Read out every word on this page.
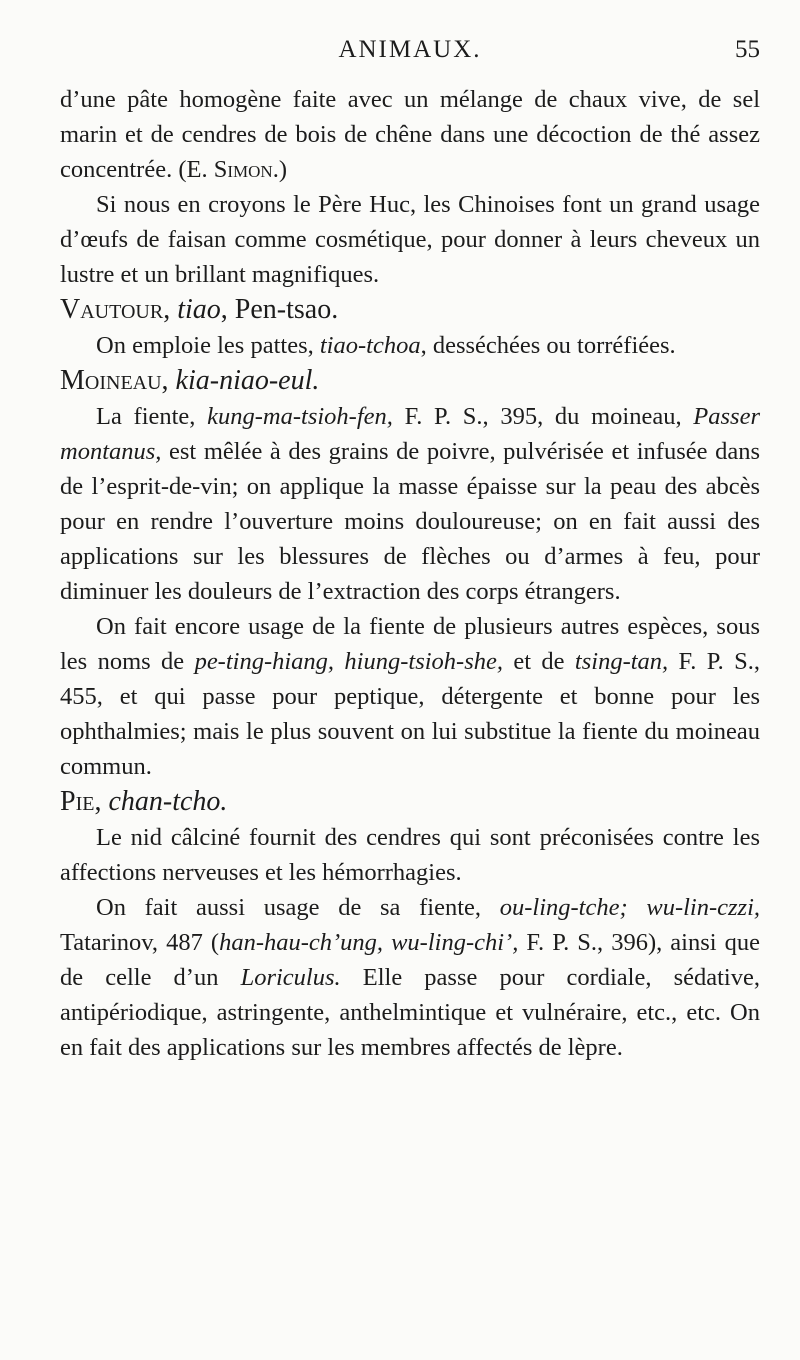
ANIMAUX.	55

d’une pâte homogène faite avec un mélange de chaux vive, de sel marin et de cendres de bois de chêne dans une décoction de thé assez concentrée. (E. Simon.)

Si nous en croyons le Père Huc, les Chinoises font un grand usage d’œufs de faisan comme cosmétique, pour donner à leurs cheveux un lustre et un brillant magnifiques.

Vautour, tiao, Pen-tsao.

On emploie les pattes, tiao-tchoa, desséchées ou torréfiées.

Moineau, kia-niao-eul.

La fiente, kung-ma-tsioh-fen, F. P. S., 395, du moineau, Passer montanus, est mêlée à des grains de poivre, pulvérisée et infusée dans de l’esprit-de-vin; on applique la masse épaisse sur la peau des abcès pour en rendre l’ouverture moins douloureuse; on en fait aussi des applications sur les blessures de flèches ou d’armes à feu, pour diminuer les douleurs de l’extraction des corps étrangers.

On fait encore usage de la fiente de plusieurs autres espèces, sous les noms de pe-ting-hiang, hiung-tsioh-she, et de tsing-tan, F. P. S., 455, et qui passe pour peptique, détergente et bonne pour les ophthalmies; mais le plus souvent on lui substitue la fiente du moineau commun.

Pie, chan-tcho.

Le nid câlciné fournit des cendres qui sont préconisées contre les affections nerveuses et les hémorrhagies.

On fait aussi usage de sa fiente, ou-ling-tche; wu-lin-czzi, Tatarinov, 487 (han-hau-ch’ung, wu-ling-chi’, F. P. S., 396), ainsi que de celle d’un Loriculus. Elle passe pour cordiale, sédative, antipériodique, astringente, anthelmintique et vulnéraire, etc., etc. On en fait des applications sur les membres affectés de lèpre.
